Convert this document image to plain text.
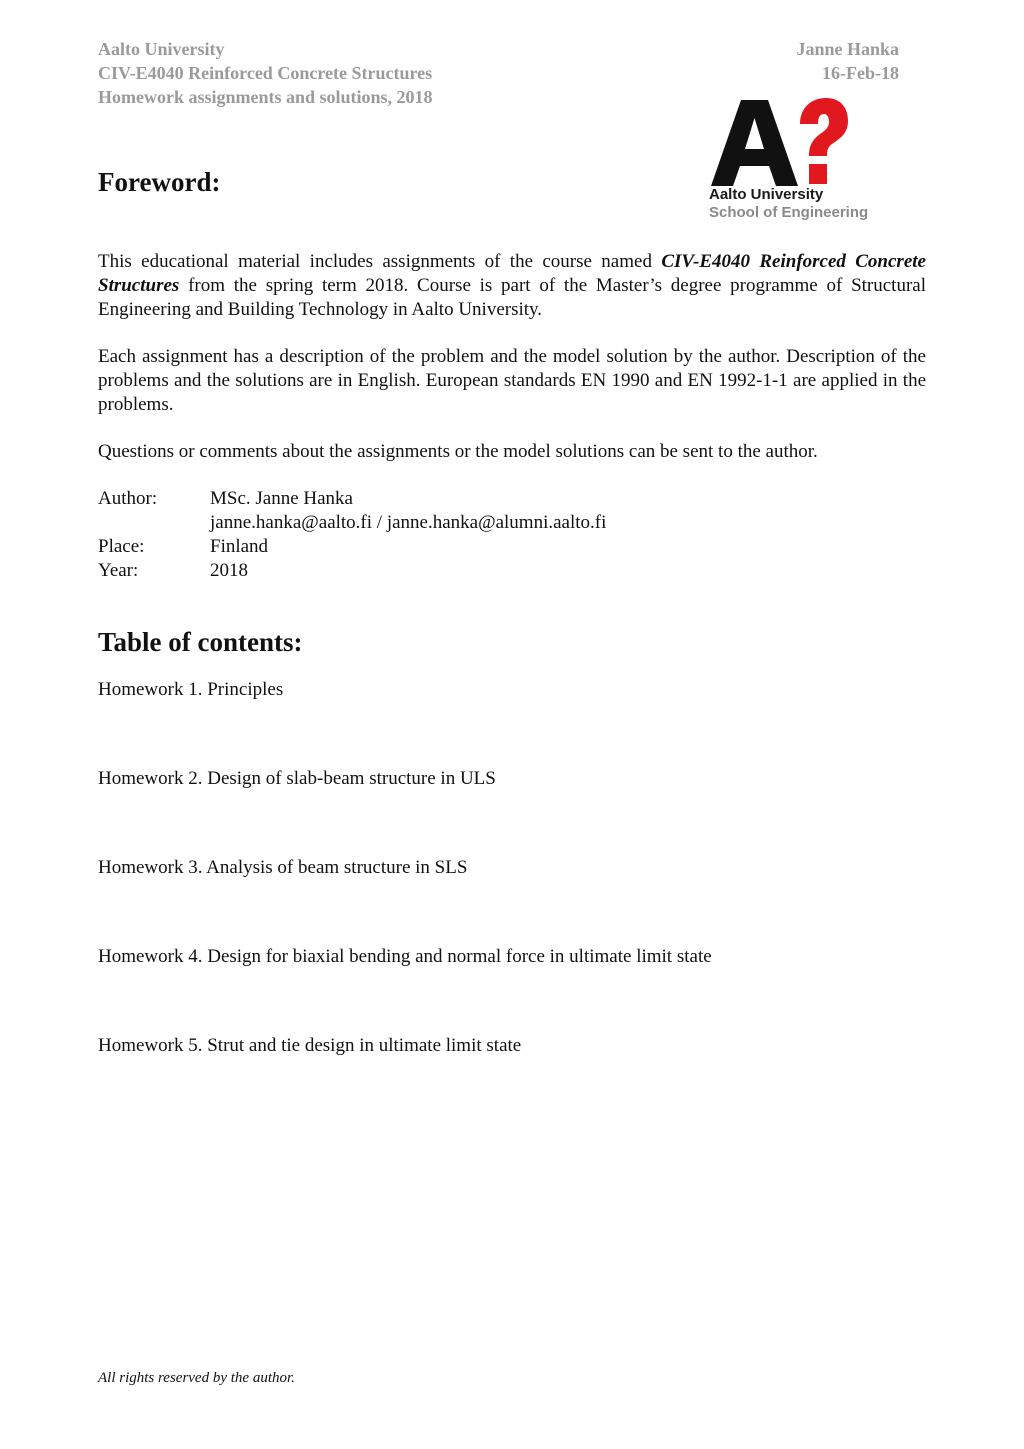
Aalto University
CIV-E4040 Reinforced Concrete Structures
Homework assignments and solutions, 2018
Janne Hanka
16-Feb-18
Aalto University
School of Engineering
Foreword:

This educational material includes assignments of the course named CIV-E4040 Reinforced Concrete Structures from the spring term 2018. Course is part of the Master’s degree programme of Structural Engineering and Building Technology in Aalto University.

Each assignment has a description of the problem and the model solution by the author. Description of the problems and the solutions are in English. European standards EN 1990 and EN 1992-1-1 are applied in the problems.

Questions or comments about the assignments or the model solutions can be sent to the author.

Author:	MSc. Janne Hanka
janne.hanka@aalto.fi / janne.hanka@alumni.aalto.fi
Place:	Finland
Year:	2018
Table of contents:
Homework 1. Principles
Homework 2. Design of slab-beam structure in ULS
Homework 3. Analysis of beam structure in SLS
Homework 4. Design for biaxial bending and normal force in ultimate limit state
Homework 5. Strut and tie design in ultimate limit state
All rights reserved by the author.
